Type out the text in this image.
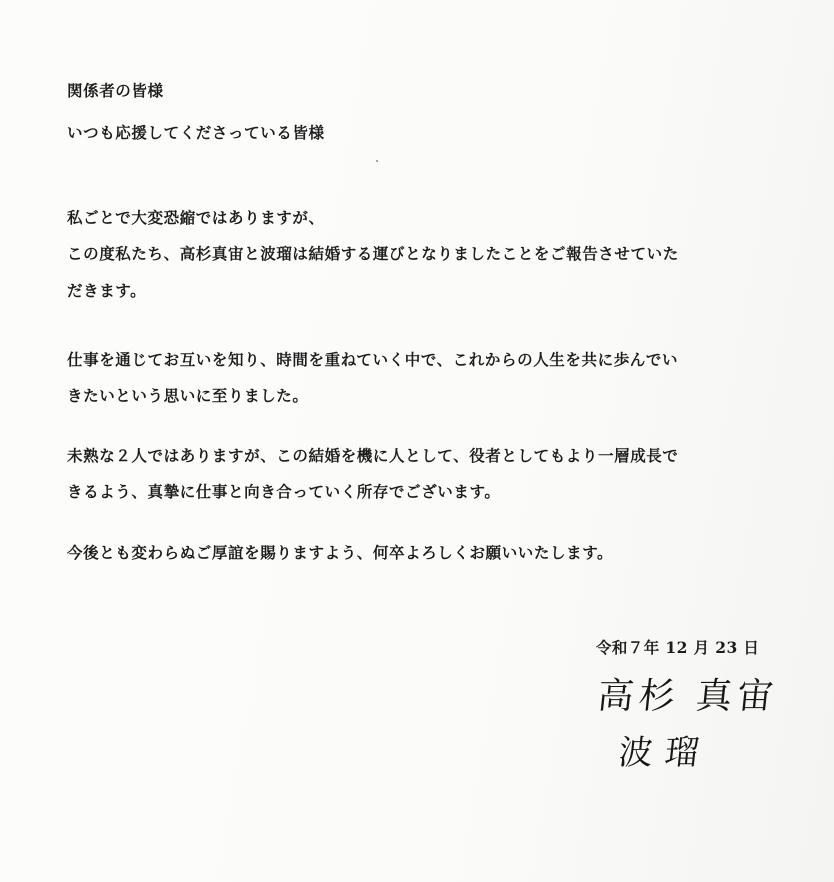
関係者の皆様
いつも応援してくださっている皆様
私ごとで大変恐縮ではありますが、
この度私たち、高杉真宙と波瑠は結婚する運びとなりましたことをご報告させていた
だきます。
仕事を通じてお互いを知り、時間を重ねていく中で、これからの人生を共に歩んでい
きたいという思いに至りました。
未熟な２人ではありますが、この結婚を機に人として、役者としてもより一層成長で
きるよう、真摯に仕事と向き合っていく所存でございます。
今後とも変わらぬご厚誼を賜りますよう、何卒よろしくお願いいたします。
令和７年 12 月 23 日
高杉 真宙
波瑠
